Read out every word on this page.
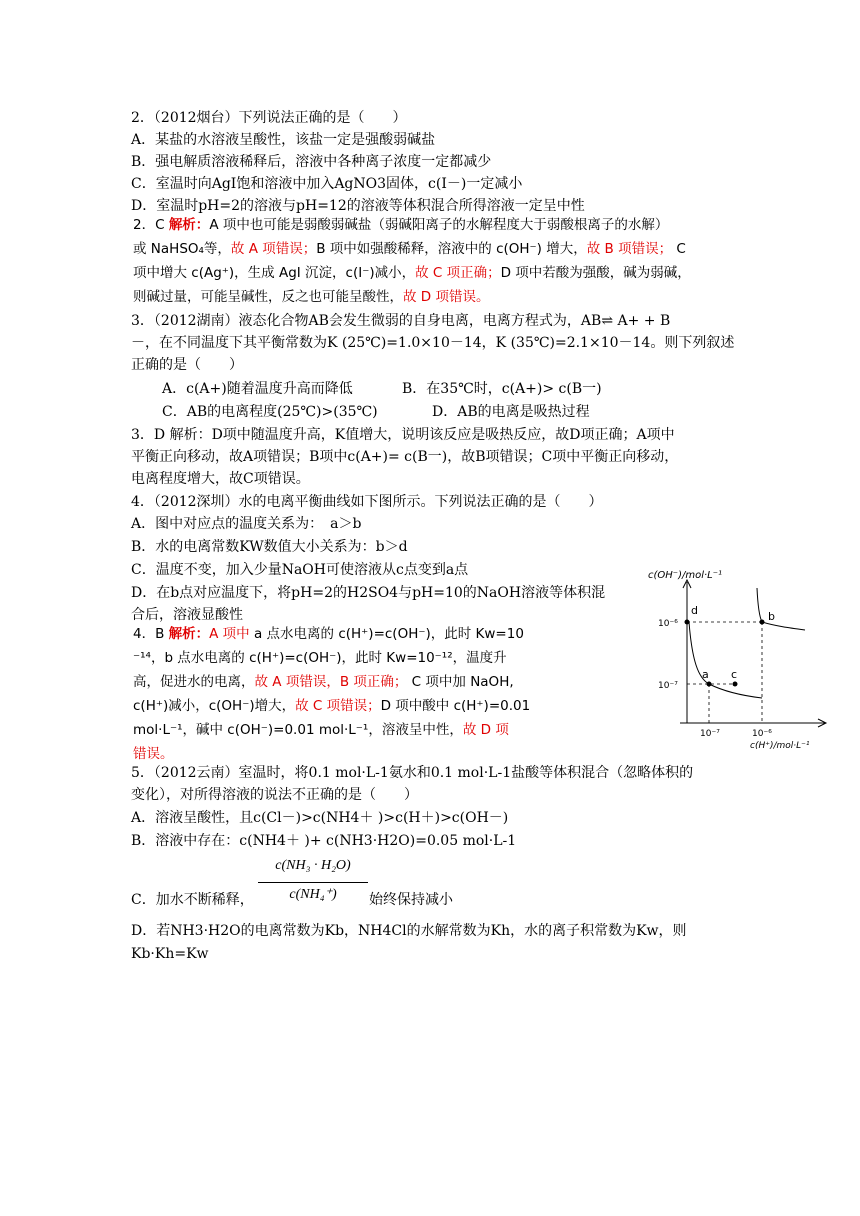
2．（2012烟台）下列说法正确的是（　　）
A．某盐的水溶液呈酸性，该盐一定是强酸弱碱盐
B．强电解质溶液稀释后，溶液中各种离子浓度一定都减少
C．室温时向AgI饱和溶液中加入AgNO3固体，c(I－)一定减小
D．室温时pH=2的溶液与pH=12的溶液等体积混合所得溶液一定呈中性
2．C 解析：A 项中也可能是弱酸弱碱盐（弱碱阳离子的水解程度大于弱酸根离子的水解）
或 NaHSO₄等，故 A 项错误；B 项中如强酸稀释，溶液中的 c(OH⁻) 增大，故 B 项错误； C
项中增大 c(Ag⁺)，生成 AgI 沉淀，c(I⁻)减小，故 C 项正确；D 项中若酸为强酸，碱为弱碱，
则碱过量，可能呈碱性，反之也可能呈酸性，故 D 项错误。
3．（2012湖南）液态化合物AB会发生微弱的自身电离，电离方程式为，AB⇌ A+ + B
－，在不同温度下其平衡常数为K (25℃)=1.0×10－14，K (35℃)=2.1×10－14。则下列叙述
正确的是（　　）
A．c(A+)随着温度升高而降低	B．在35℃时，c(A+)> c(B一)
C．AB的电离程度(25℃)>(35℃)	D．AB的电离是吸热过程
3．D 解析：D项中随温度升高，K值增大，说明该反应是吸热反应，故D项正确；A项中
平衡正向移动，故A项错误；B项中c(A+)= c(B一)，故B项错误；C项中平衡正向移动，
电离程度增大，故C项错误。
4．（2012深圳）水的电离平衡曲线如下图所示。下列说法正确的是（　　）
A．图中对应点的温度关系为：　a＞b
B．水的电离常数KW数值大小关系为：b＞d
C．温度不变，加入少量NaOH可使溶液从c点变到a点
D．在b点对应温度下，将pH=2的H2SO4与pH=10的NaOH溶液等体积混
合后，溶液显酸性
4．B 解析：A 项中 a 点水电离的 c(H⁺)=c(OH⁻)，此时 Kw=10
⁻¹⁴，b 点水电离的 c(H⁺)=c(OH⁻)，此时 Kw=10⁻¹²，温度升
高，促进水的电离，故 A 项错误，B 项正确； C 项中加 NaOH,
c(H⁺)减小，c(OH⁻)增大，故 C 项错误；D 项中酸中 c(H⁺)=0.01
mol·L⁻¹，碱中 c(OH⁻)=0.01 mol·L⁻¹，溶液呈中性，故 D 项
错误。
c(OH⁻)/mol·L⁻¹
d
a c
b
10⁻⁶
10⁻⁷
10⁻⁷	10⁻⁶
c(H⁺)/mol·L⁻¹
5．（2012云南）室温时，将0.1 mol·L-1氨水和0.1 mol·L-1盐酸等体积混合（忽略体积的
变化），对所得溶液的说法不正确的是（　　）
A．溶液呈酸性，且c(Cl－)>c(NH4＋ )>c(H＋)>c(OH－)
B．溶液中存在：c(NH4＋ )+ c(NH3·H2O)=0.05 mol·L-1
C．加水不断稀释，
c(NH₃ · H₂O)
c(NH₄⁺)	始终保持减小
D．若NH3·H2O的电离常数为Kb，NH4Cl的水解常数为Kh，水的离子积常数为Kw，则
Kb·Kh=Kw
